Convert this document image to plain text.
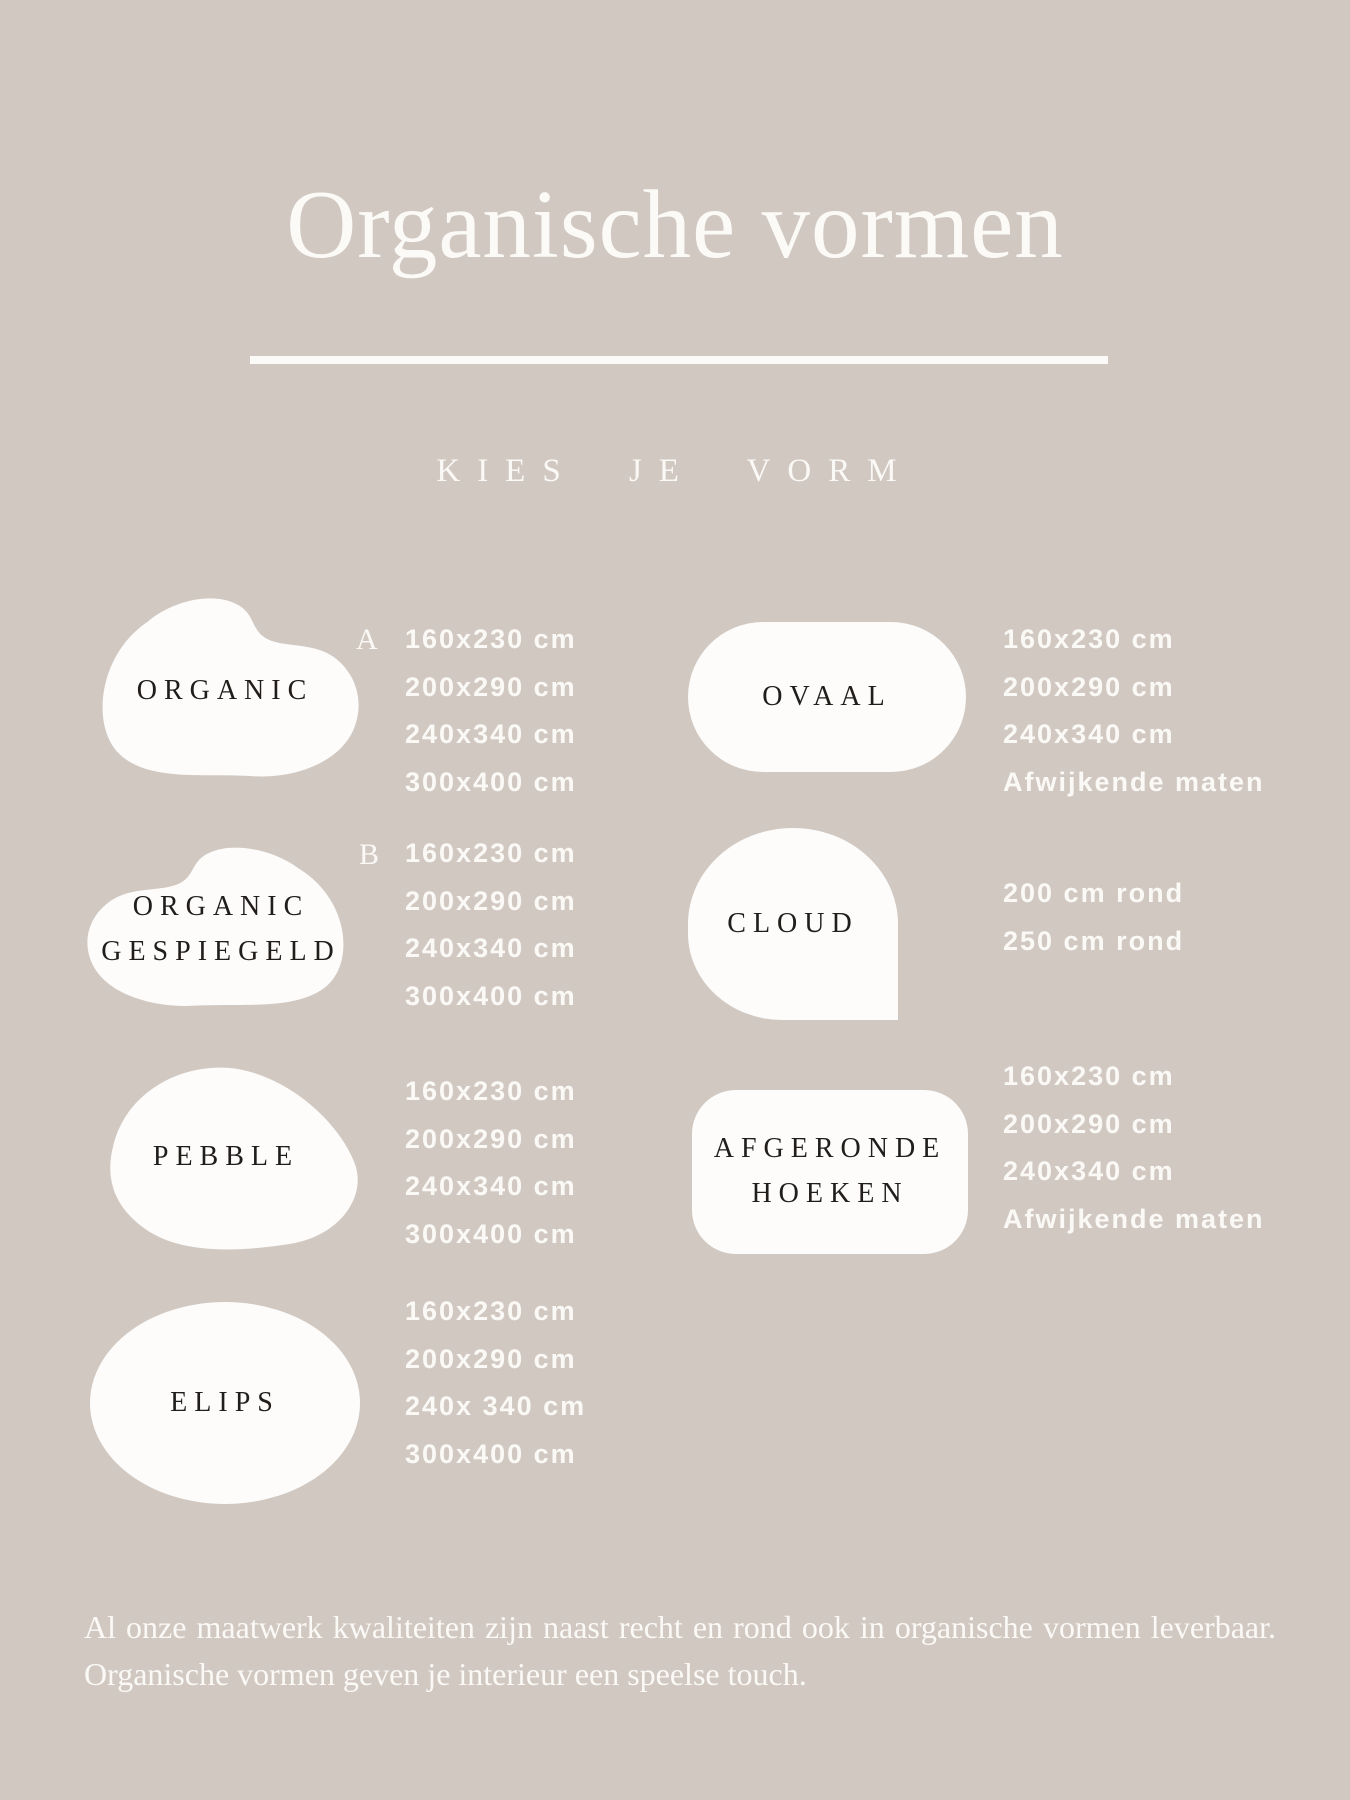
Organische vormen
KIES JE VORM
ORGANIC
A 160x230 cm
200x290 cm
240x340 cm
300x400 cm
ORGANIC GESPIEGELD
B 160x230 cm
200x290 cm
240x340 cm
300x400 cm
PEBBLE
160x230 cm
200x290 cm
240x340 cm
300x400 cm
ELIPS
160x230 cm
200x290 cm
240x 340 cm
300x400 cm
OVAAL
160x230 cm
200x290 cm
240x340 cm
Afwijkende maten
CLOUD
200 cm rond
250 cm rond
AFGERONDE HOEKEN
160x230 cm
200x290 cm
240x340 cm
Afwijkende maten

Al onze maatwerk kwaliteiten zijn naast recht en rond ook in organische vormen leverbaar. Organische vormen geven je interieur een speelse touch.
